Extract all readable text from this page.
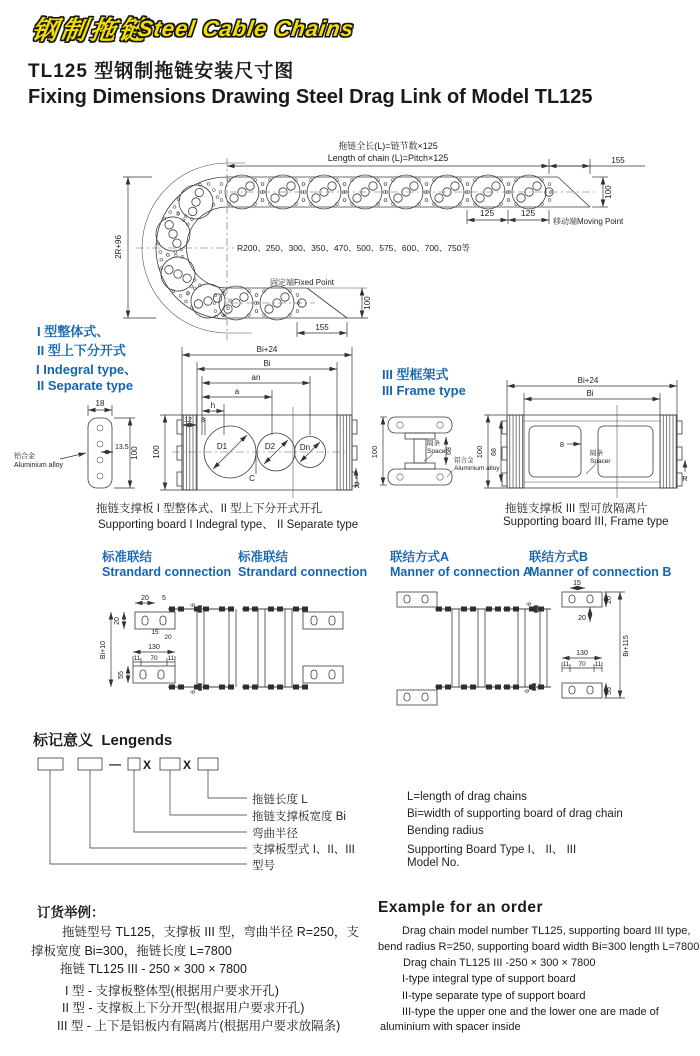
拖链全长(L)=链节数×125
Length of chain (L)=Pitch×125	155
100
125	125
移动端Moving Point
R200、250、300、350、470、500、575、600、700、750等
固定端Fixed Point
100
155
2R+96
Bi+24
Bi
an
a
h
8
D1	D2	Dn
C
R
100
18
13.5 100
铝合金
Aluminium alloy
100
隔条
Spacer
68
铝合金
Aluminium alloy
Bi+24
Bi
100 68
8
隔条
Spacer
R
20
Bi+10
20 5
6
15
20
130
11 70 11
55
6
15
20
6
20
Bi+115
130
11 70 11
55
6
— X	X
钢制拖链
Steel Cable Chains
TL125 型钢制拖链安装尺寸图
Fixing Dimensions Drawing Steel Drag Link of Model TL125
I 型整体式、
II 型上下分开式
I Indegral type、
II Separate type
III 型框架式
III Frame type
拖链支撑板 I 型整体式、II 型上下分开式开孔
Supporting board I Indegral type、 II Separate type
拖链支撑板 III 型可放隔离片
Supporting board III, Frame type
标准联结
Strandard connection
标准联结
Strandard connection
联结方式A
Manner of connection A
联结方式B
Manner of connection B
标记意义 Lengends
拖链长度 L	L=length of drag chains
拖链支撑板宽度 Bi	Bi=width of supporting board of drag chain
弯曲半径	Bending radius
支撑板型式 I、II、III	Supporting Board Type I、 II、 III
型号	Model No.
订货举例：
拖链型号 TL125，支撑板 III 型，弯曲半径 R=250，支
撑板宽度 Bi=300，拖链长度 L=7800
拖链 TL125 III - 250 × 300 × 7800
I 型 - 支撑板整体型(根据用户要求开孔)
II 型 - 支撑板上下分开型(根据用户要求开孔)
III 型 - 上下是铝板内有隔离片(根据用户要求放隔条)
Example for an order
Drag chain model number TL125, supporting board III type,
bend radius R=250, supporting board width Bi=300 length L=7800
Drag chain TL125 III -250 × 300 × 7800
I-type integral type of support board
II-type separate type of support board
III-type the upper one and the lower one are made of
aluminium with spacer inside
